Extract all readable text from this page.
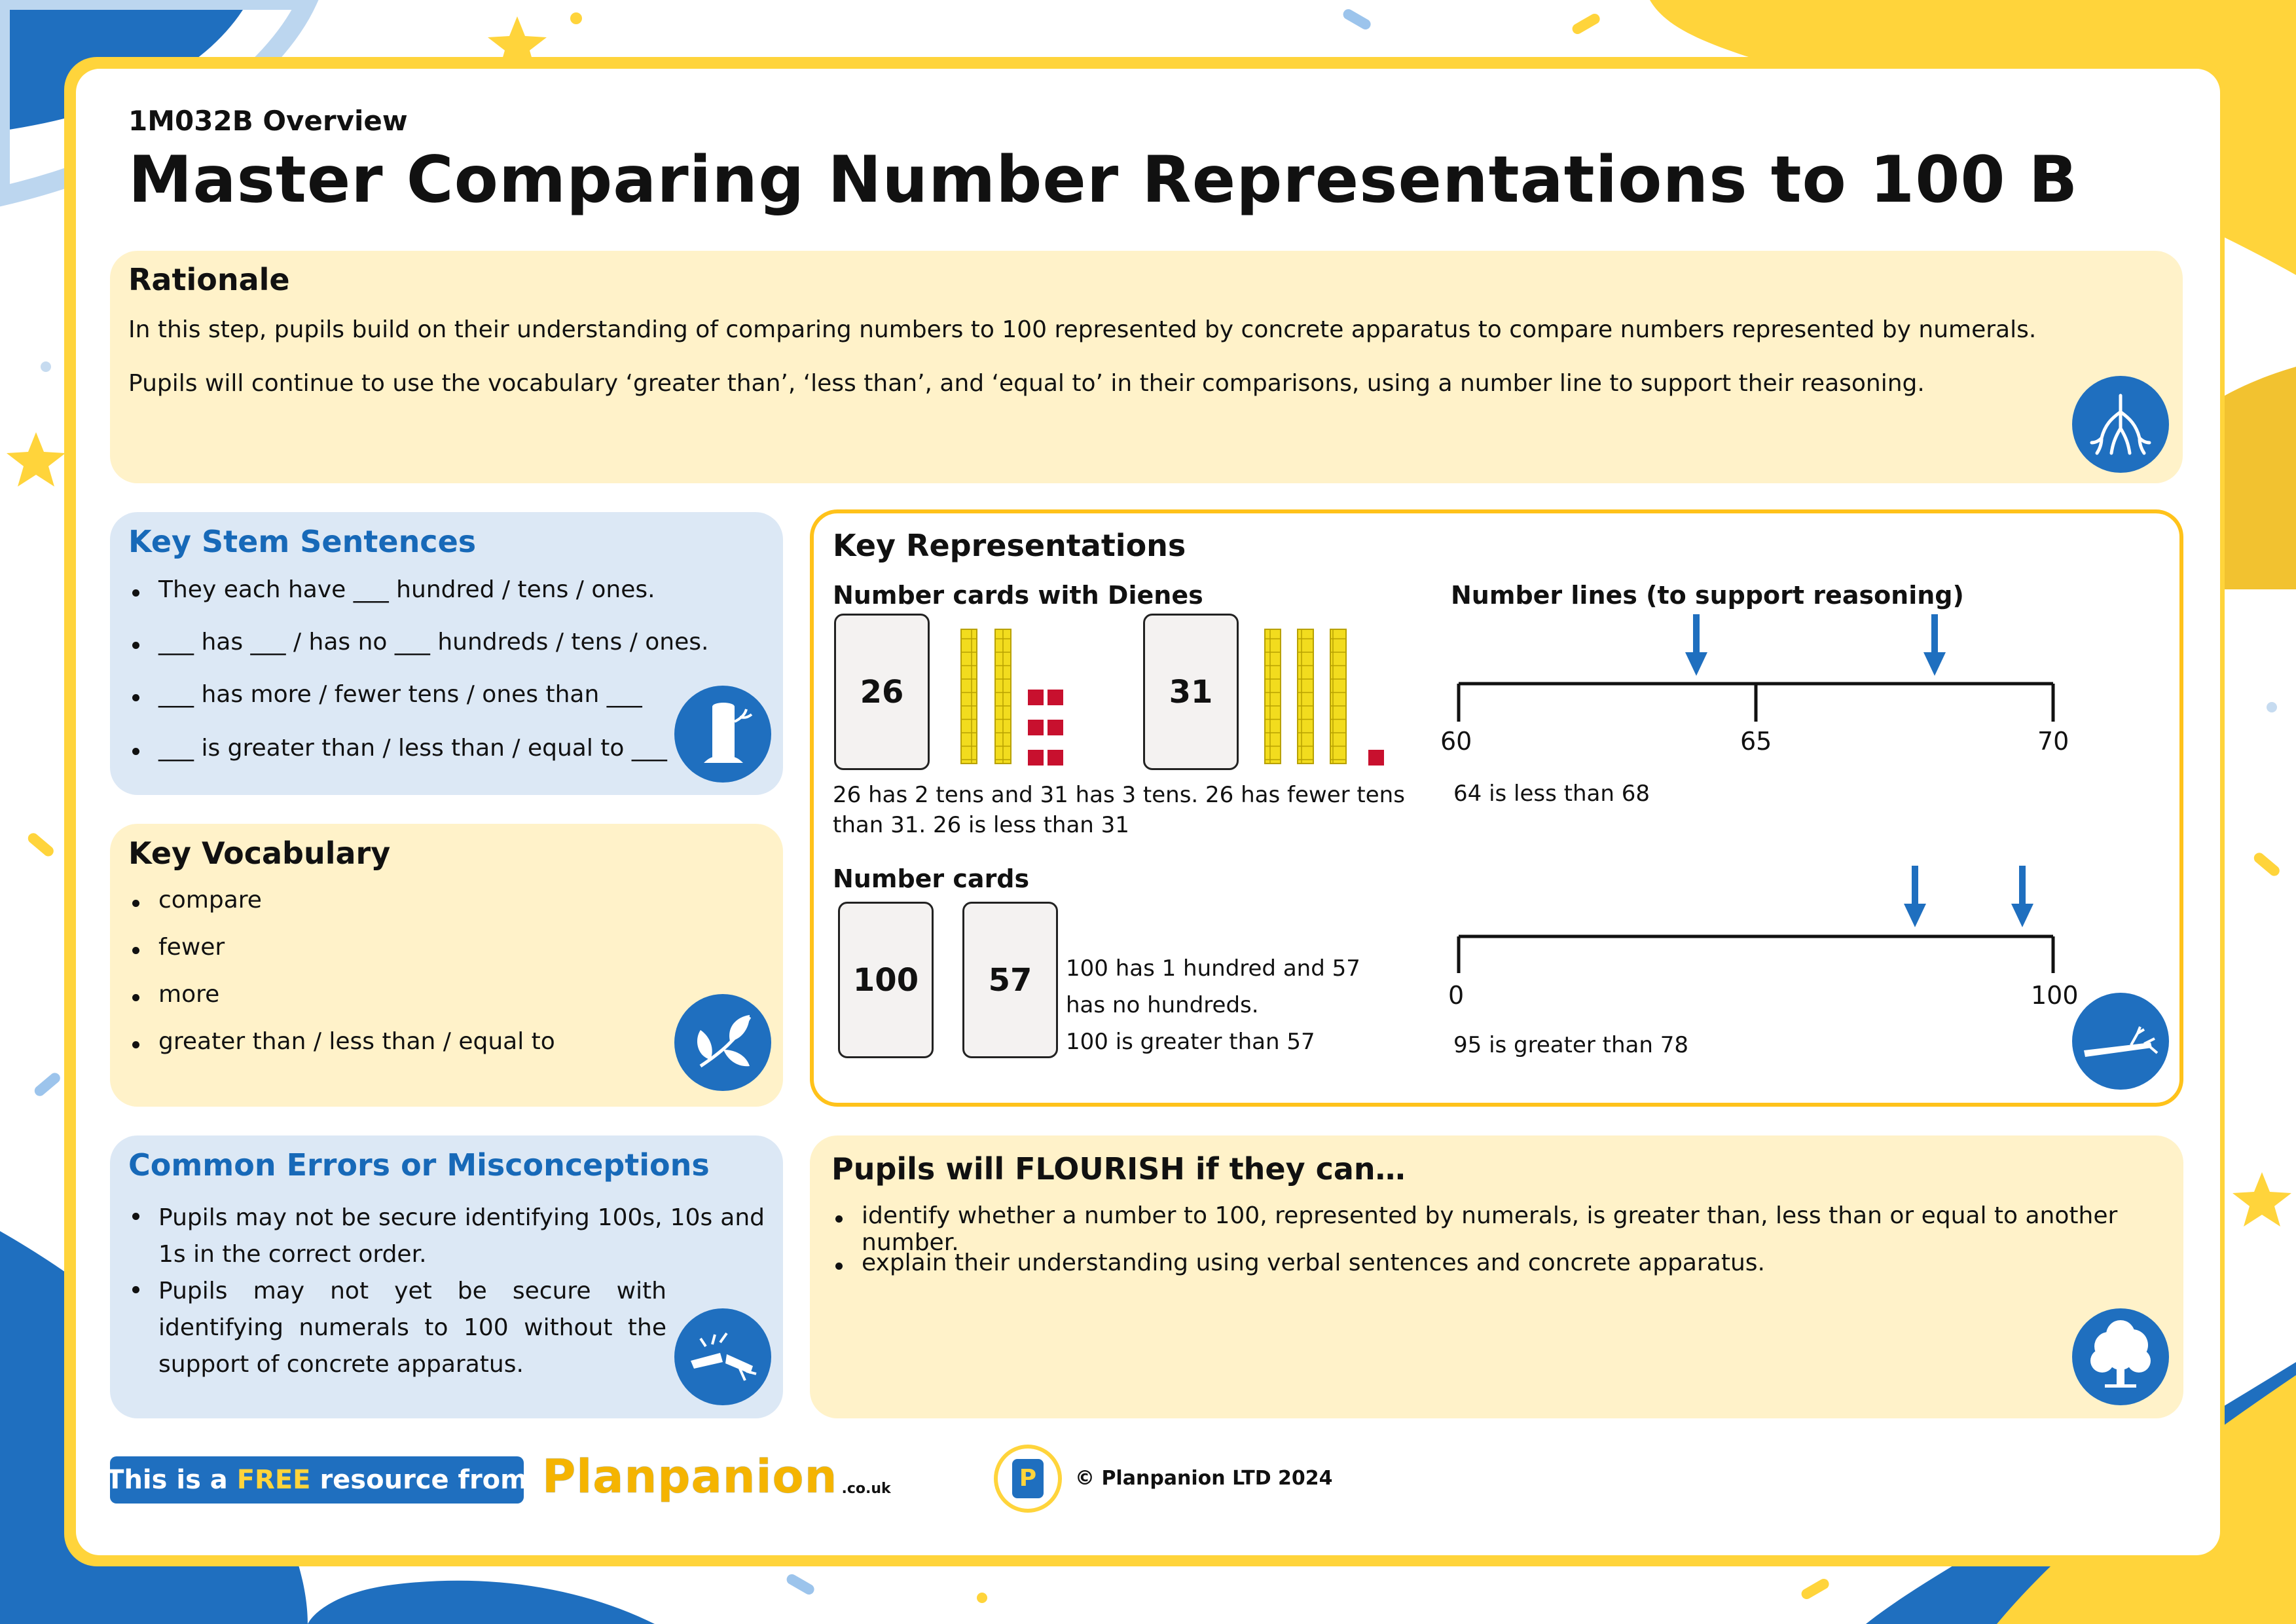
1M032B Overview
Master Comparing Number Representations to 100 B
Rationale
In this step, pupils build on their understanding of comparing numbers to 100 represented by concrete apparatus to compare numbers represented by numerals.
Pupils will continue to use the vocabulary ‘greater than’, ‘less than’, and ‘equal to’ in their comparisons, using a number line to support their reasoning.
Key Stem Sentences
They each have ___ hundred / tens / ones.
___ has ___ / has no ___ hundreds / tens / ones.
___ has more / fewer tens / ones than ___
___ is greater than / less than / equal to ___
Key Vocabulary
compare
fewer
more
greater than / less than / equal to
Common Errors or Misconceptions
Pupils may not be secure identifying 100s, 10s and 1s in the correct order.
Pupils may not yet be secure with identifying numerals to 100 without the support of concrete apparatus.
Key Representations
Number cards with Dienes
26	31
26 has 2 tens and 31 has 3 tens. 26 has fewer tens
than 31. 26 is less than 31
Number cards
100	57	100 has 1 hundred and 57
has no hundreds.
100 is greater than 57
Number lines (to support reasoning)
60	65	70
64 is less than 68
0	100
95 is greater than 78
Pupils will FLOURISH if they can…
identify whether a number to 100, represented by numerals, is greater than, less than or equal to another number.
explain their understanding using verbal sentences and concrete apparatus.
This is a FREE resource from Planpanion .co.uk	P	© Planpanion LTD 2024
